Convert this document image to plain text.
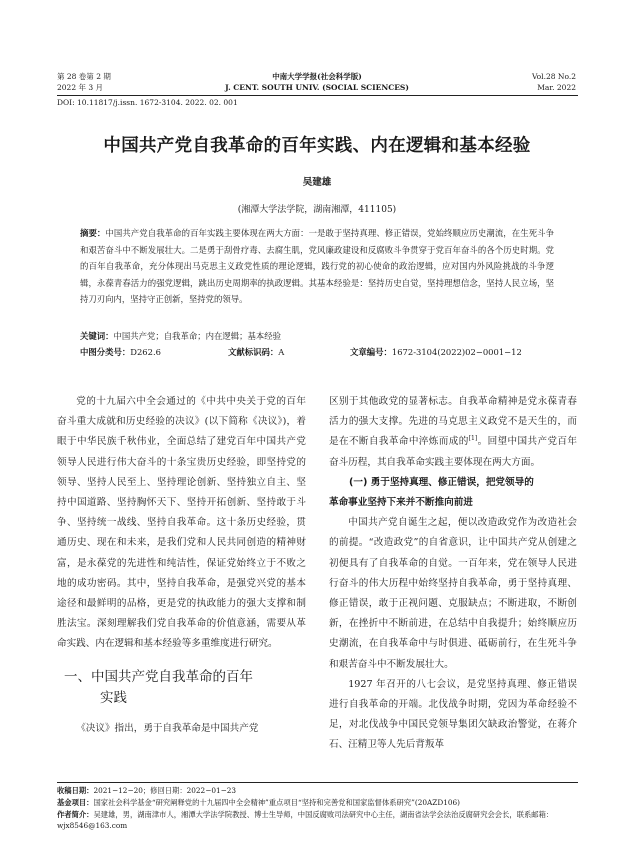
第 28 卷第 2 期
2022 年 3 月
中南大学学报(社会科学版)
J. CENT. SOUTH UNIV. (SOCIAL SCIENCES)
Vol.28 No.2
Mar. 2022
DOI: 10.11817/j.issn. 1672-3104. 2022. 02. 001
中国共产党自我革命的百年实践、内在逻辑和基本经验
吴建雄
(湘潭大学法学院，湖南湘潭，411105)
摘要：中国共产党自我革命的百年实践主要体现在两大方面：一是敢于坚持真理、修正错误，党始终顺应历史潮流，在生死斗争和艰苦奋斗中不断发展壮大。二是勇于刮骨疗毒、去腐生肌，党风廉政建设和反腐败斗争贯穿于党百年奋斗的各个历史时期。党的百年自我革命，充分体现出马克思主义政党性质的理论逻辑，践行党的初心使命的政治逻辑，应对国内外风险挑战的斗争逻辑，永葆青春活力的强党逻辑，跳出历史周期率的执政逻辑。其基本经验是：坚持历史自觉，坚持理想信念，坚持人民立场，坚持刀刃向内，坚持守正创新，坚持党的领导。
关键词：中国共产党；自我革命；内在逻辑；基本经验
中图分类号：D262.6	文献标识码：A	文章编号：1672-3104(2022)02−0001−12

党的十九届六中全会通过的《中共中央关于党的百年奋斗重大成就和历史经验的决议》(以下简称《决议》)，着眼于中华民族千秋伟业，全面总结了建党百年中国共产党领导人民进行伟大奋斗的十条宝贵历史经验，即坚持党的领导、坚持人民至上、坚持理论创新、坚持独立自主、坚持中国道路、坚持胸怀天下、坚持开拓创新、坚持敢于斗争、坚持统一战线、坚持自我革命。这十条历史经验，贯通历史、现在和未来，是我们党和人民共同创造的精神财富，是永葆党的先进性和纯洁性，保证党始终立于不败之地的成功密码。其中，坚持自我革命，是强党兴党的基本途径和最鲜明的品格，更是党的执政能力的强大支撑和制胜法宝。深刻理解我们党自我革命的价值意涵，需要从革命实践、内在逻辑和基本经验等多重维度进行研究。

一、中国共产党自我革命的百年
实践

《决议》指出，勇于自我革命是中国共产党

区别于其他政党的显著标志。自我革命精神是党永葆青春活力的强大支撑。先进的马克思主义政党不是天生的，而是在不断自我革命中淬炼而成的[1]。回望中国共产党百年奋斗历程，其自我革命实践主要体现在两大方面。

(一) 勇于坚持真理、修正错误，把党领导的
革命事业坚持下来并不断推向前进

中国共产党自诞生之起，便以改造政党作为改造社会的前提。“改造政党”的自省意识，让中国共产党从创建之初便具有了自我革命的自觉。一百年来，党在领导人民进行奋斗的伟大历程中始终坚持自我革命，勇于坚持真理、修正错误，敢于正视问题、克服缺点；不断进取，不断创新，在挫折中不断前进，在总结中自我提升；始终顺应历史潮流，在自我革命中与时俱进、砥砺前行，在生死斗争和艰苦奋斗中不断发展壮大。

1927 年召开的八七会议，是党坚持真理、修正错误进行自我革命的开端。北伐战争时期，党因为革命经验不足，对北伐战争中国民党领导集团欠缺政治警觉，在蒋介石、汪精卫等人先后背叛革

收稿日期：2021−12−20；修回日期：2022−01−23
基金项目：国家社会科学基金“研究阐释党的十九届四中全会精神”重点项目“坚持和完善党和国家监督体系研究”(20AZD106)
作者简介：吴建雄，男，湖南津市人，湘潭大学法学院教授、博士生导师，中国反腐败司法研究中心主任，湖南省法学会法治反腐研究会会长，联系邮箱：wjx8546@163.com
